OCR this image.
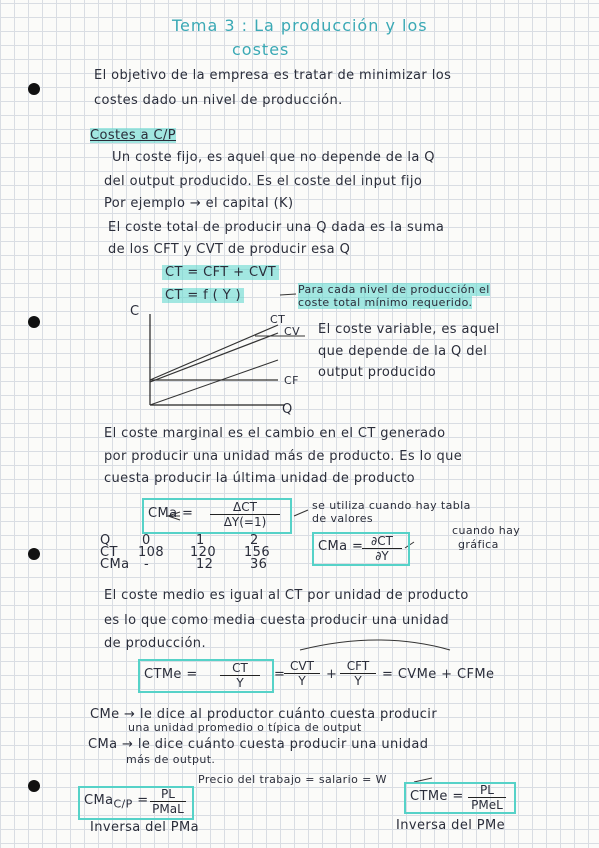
Tema 3 : La producción y los
costes
El objetivo de la empresa es tratar de minimizar los
costes dado un nivel de producción.
Costes a C/P
Un coste fijo, es aquel que no depende de la Q
del output producido. Es el coste del input fijo
Por ejemplo → el capital (K)
El coste total de producir una Q dada es la suma
de los CFT y CVT de producir esa Q
CT = CFT + CVT
CT = f ( Y )	Para cada nivel de producción el
coste total mínimo requerido.
C
Q
CT
CV
CF
El coste variable, es aquel
que depende de la Q del
output producido
El coste marginal es el cambio en el CT generado
por producir una unidad más de producto. Es lo que
cuesta producir la última unidad de producto
CMa =	ΔCT
ΔY(=1)
se utiliza cuando hay tabla
de valores
Q 0	1	2
CT 108 120 156
CMa -	12	36
CMa =
$\frac{\partial CT}{\partial Y}$
cuando hay
gráfica
El coste medio es igual al CT por unidad de producto
es lo que como media cuesta producir una unidad
de producción.
CTMe = $\frac{CT}{Y}$ =
CVT
Y	+
CFT
Y	= CVMe + CFMe
CMe → le dice al productor cuánto cuesta producir
una unidad promedio o típica de output
CMa → le dice cuánto cuesta producir una unidad
más de output.
Precio del trabajo = salario = W
CMa$_{C/P}$ =	PL
PMaL
CTMe =	PL
PMeL
Inversa del PMa	Inversa del PMe
